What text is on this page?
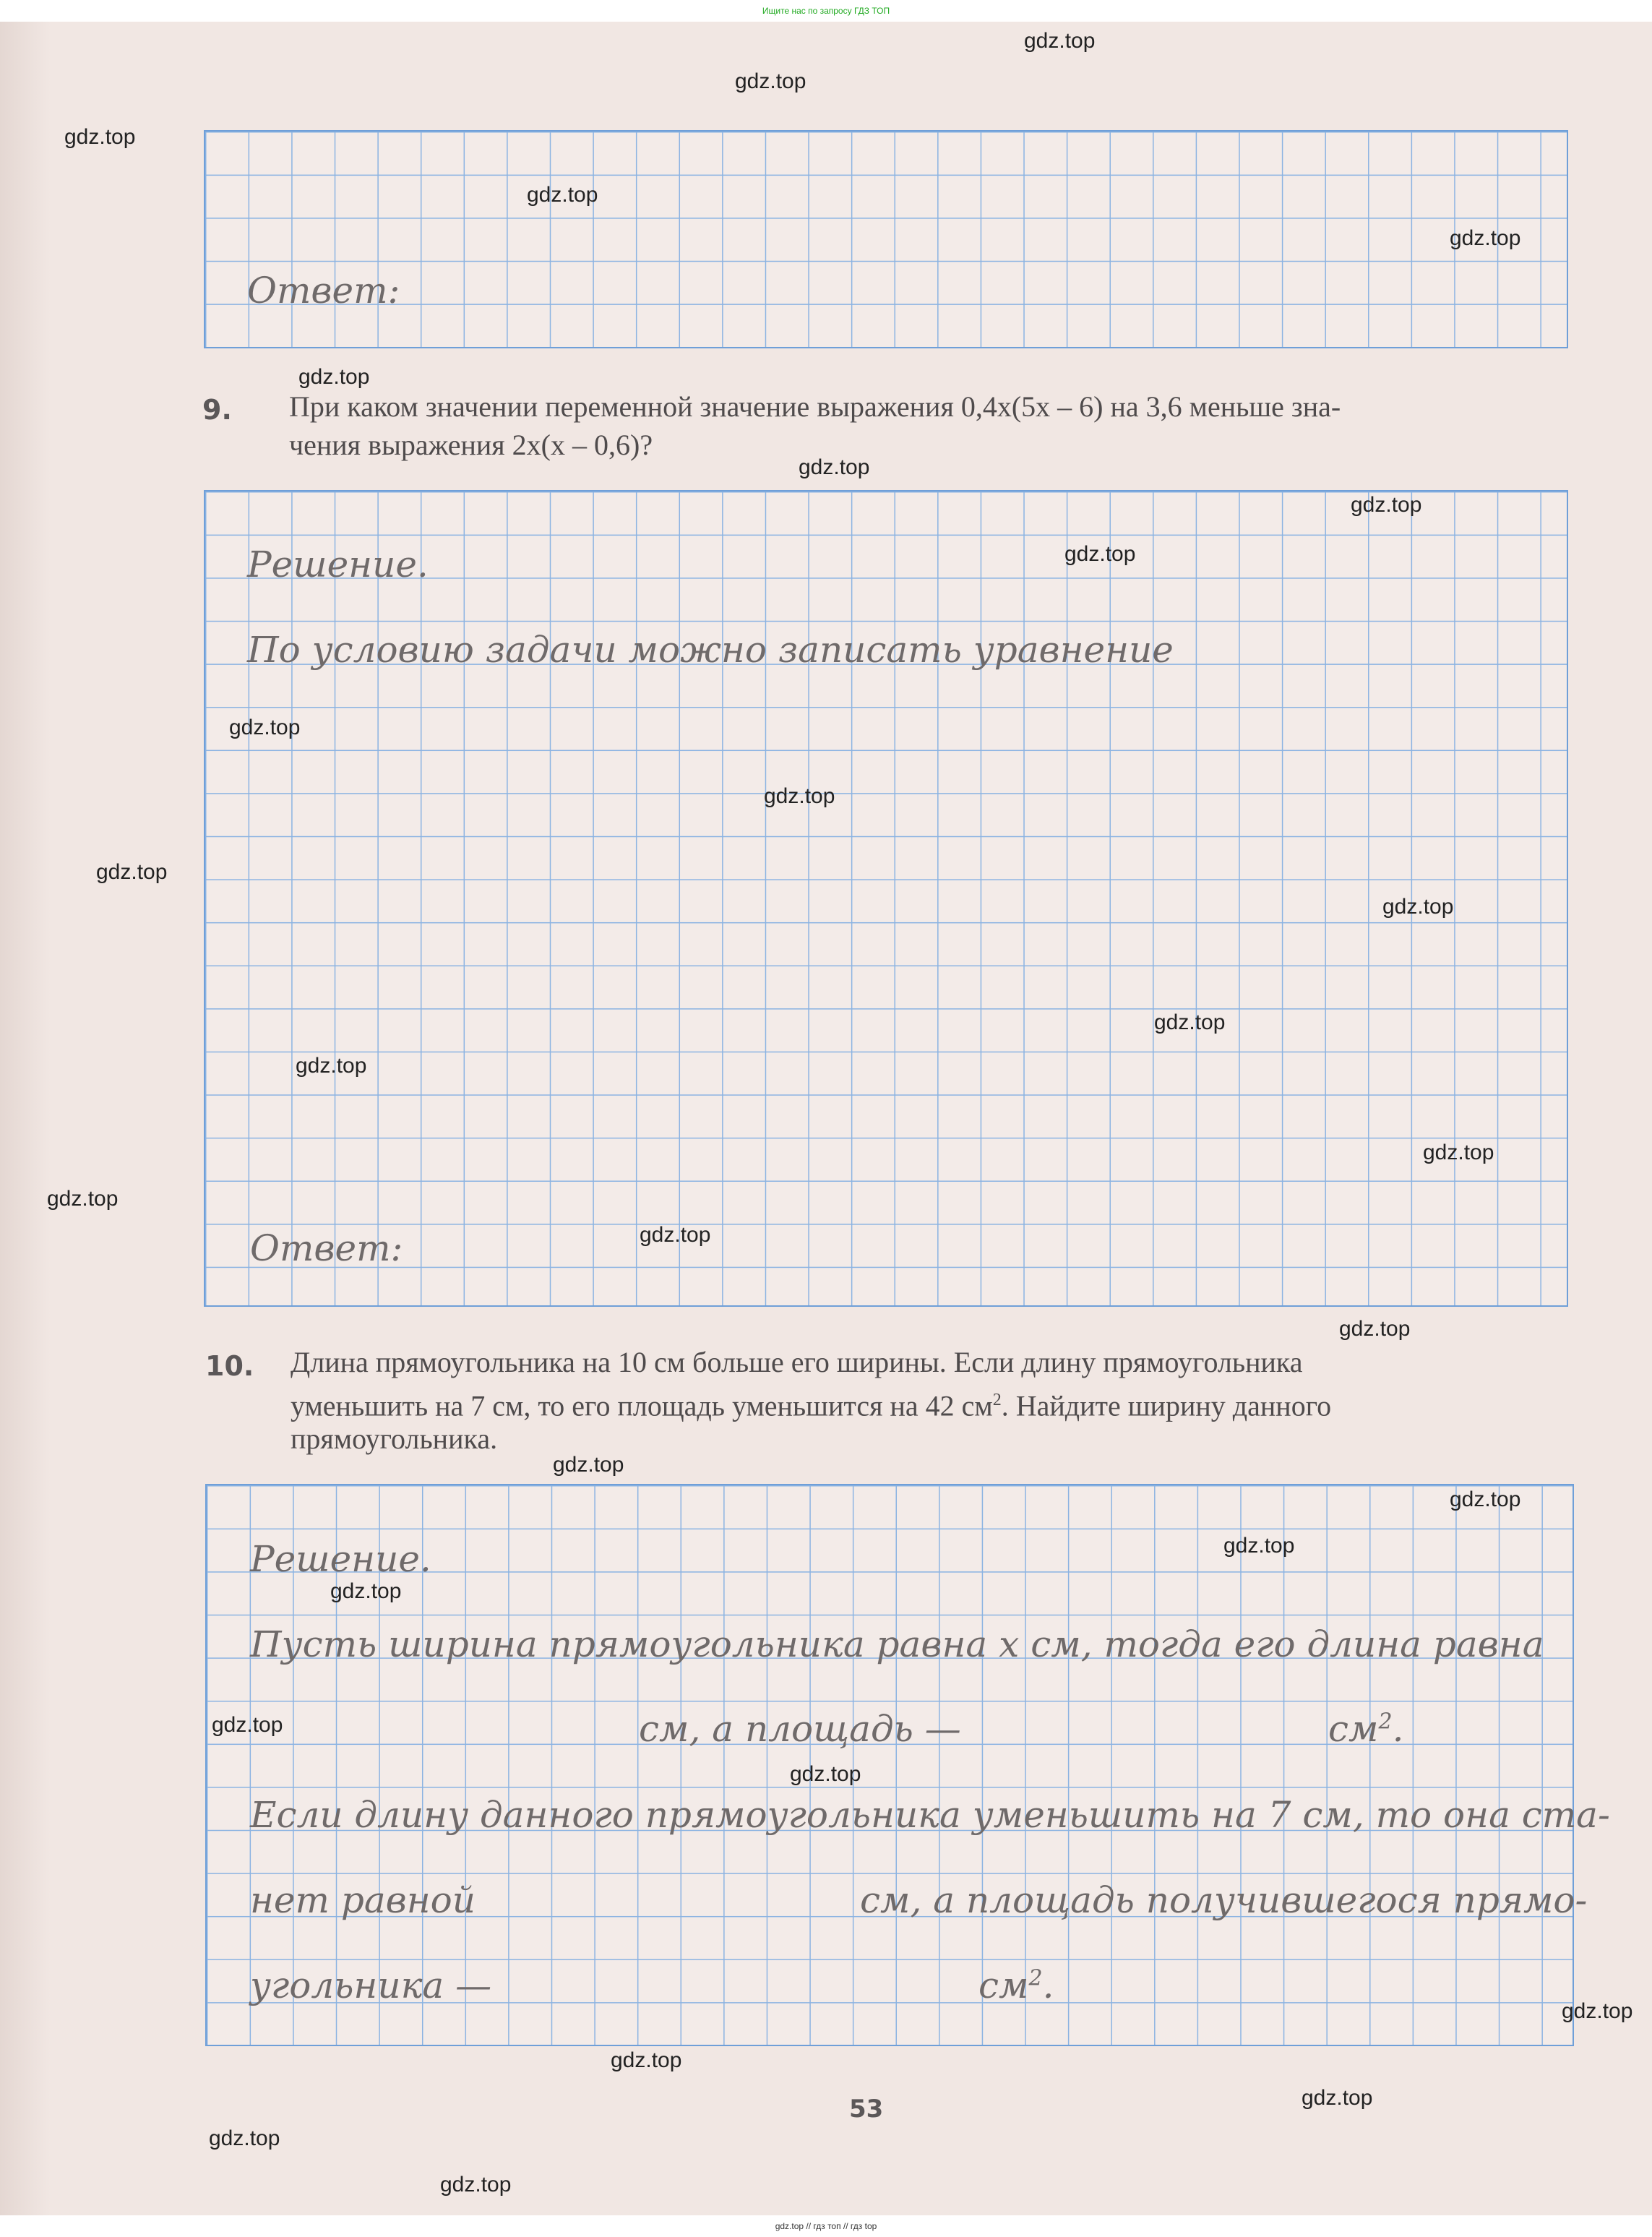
Ищите нас по запросу ГДЗ ТОП
Ответ:
9. При каком значении переменной значение выражения 0,4x(5x – 6) на 3,6 меньше зна-
чения выражения 2x(x – 0,6)?
Решение.
По условию задачи можно записать уравнение
Ответ:
10. Длина прямоугольника на 10 см больше его ширины. Если длину прямоугольника
уменьшить на 7 см, то его площадь уменьшится на 42 $см^2$. Найдите ширину данного
прямоугольника.
Решение.
Пусть ширина прямоугольника равна x см, тогда его длина равна
см, а площадь —	$см^2$.
Если длину данного прямоугольника уменьшить на 7 см, то она ста-
нет равной	см, а площадь получившегося прямо-
угольника —	$см^2$.
53
gdz.top
gdz.top
gdz.top
gdz.top
gdz.top
gdz.top
gdz.top
gdz.top
gdz.top
gdz.top
gdz.top
gdz.top
gdz.top
gdz.top
gdz.top
gdz.top
gdz.top
gdz.top
gdz.top
gdz.top
gdz.top
gdz.top
gdz.top
gdz.top
gdz.top
gdz.top
gdz.top
gdz.top
gdz.top
gdz.top
gdz.top // гдз топ // гдз top
